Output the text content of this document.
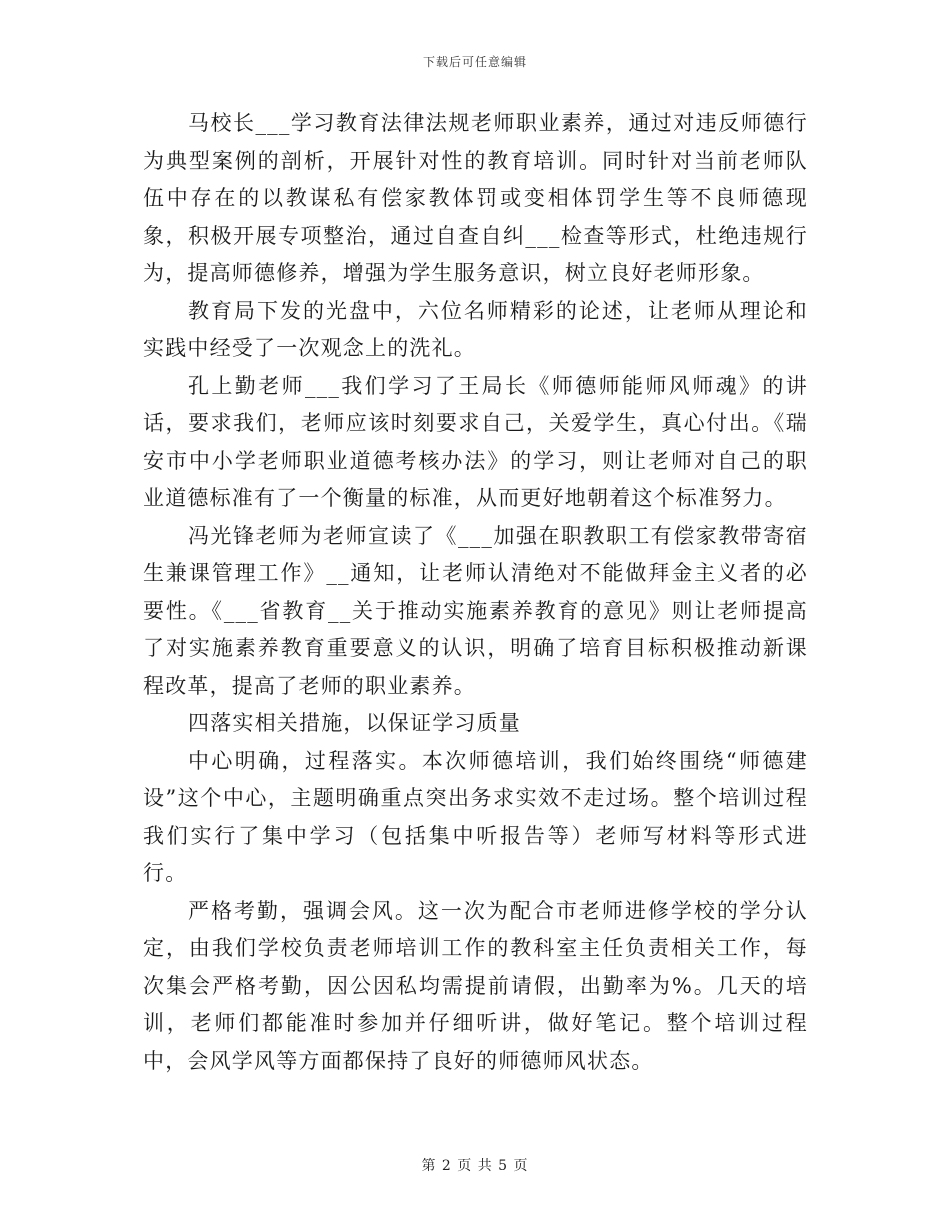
下载后可任意编辑

马校长___学习教育法律法规老师职业素养，通过对违反师德行为典型案例的剖析，开展针对性的教育培训。同时针对当前老师队伍中存在的以教谋私有偿家教体罚或变相体罚学生等不良师德现象，积极开展专项整治，通过自查自纠___检查等形式，杜绝违规行为，提高师德修养，增强为学生服务意识，树立良好老师形象。

教育局下发的光盘中，六位名师精彩的论述，让老师从理论和实践中经受了一次观念上的洗礼。

孔上勤老师___我们学习了王局长《师德师能师风师魂》的讲话，要求我们，老师应该时刻要求自己，关爱学生，真心付出。《瑞安市中小学老师职业道德考核办法》的学习，则让老师对自己的职业道德标准有了一个衡量的标准，从而更好地朝着这个标准努力。

冯光锋老师为老师宣读了《___加强在职教职工有偿家教带寄宿生兼课管理工作》__通知，让老师认清绝对不能做拜金主义者的必要性。《___省教育__关于推动实施素养教育的意见》则让老师提高了对实施素养教育重要意义的认识，明确了培育目标积极推动新课程改革，提高了老师的职业素养。

四落实相关措施，以保证学习质量

中心明确，过程落实。本次师德培训，我们始终围绕“师德建设”这个中心，主题明确重点突出务求实效不走过场。整个培训过程我们实行了集中学习（包括集中听报告等）老师写材料等形式进行。

严格考勤，强调会风。这一次为配合市老师进修学校的学分认定，由我们学校负责老师培训工作的教科室主任负责相关工作，每次集会严格考勤，因公因私均需提前请假，出勤率为%。几天的培训，老师们都能准时参加并仔细听讲，做好笔记。整个培训过程中，会风学风等方面都保持了良好的师德师风状态。

第 2 页 共 5 页
